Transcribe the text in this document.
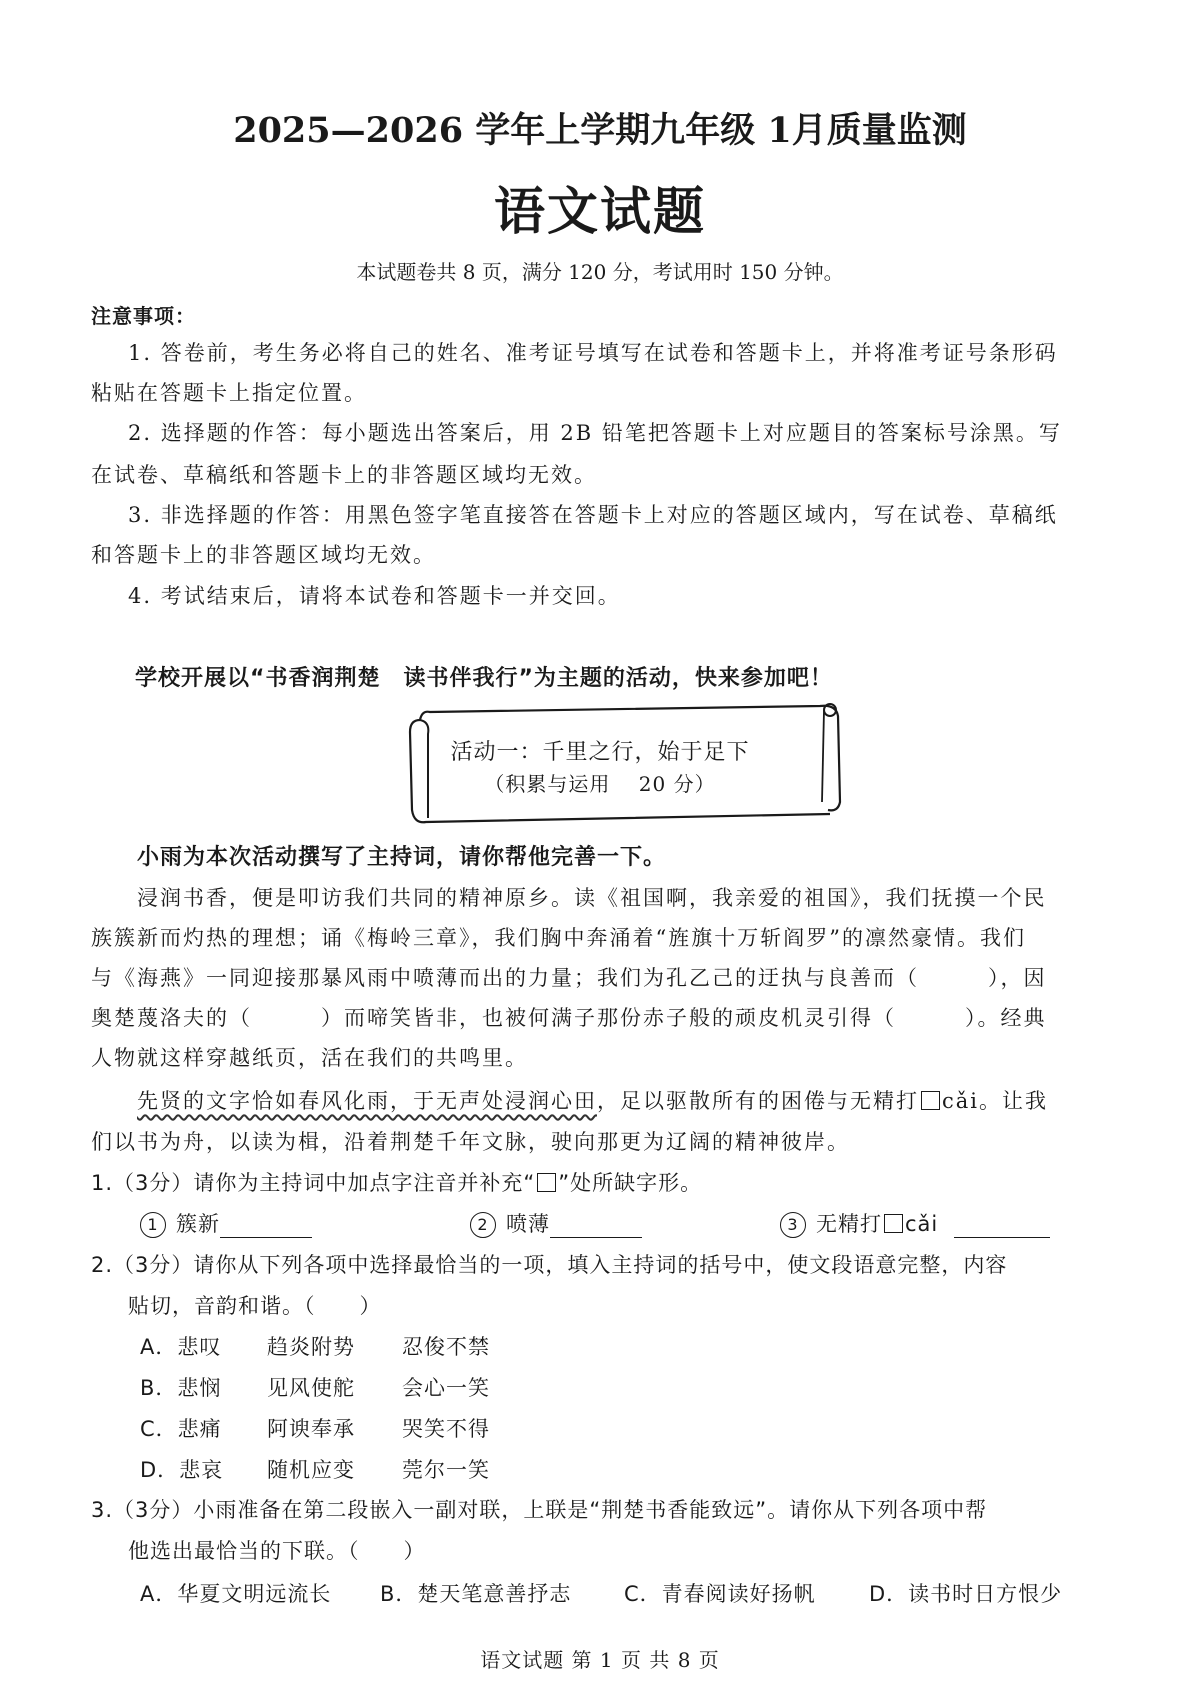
2025—2026 学年上学期九年级 1月质量监测
语文试题
本试题卷共 8 页，满分 120 分，考试用时 150 分钟。
注意事项：
1. 答卷前，考生务必将自己的姓名、准考证号填写在试卷和答题卡上，并将准考证号条形码
粘贴在答题卡上指定位置。
2. 选择题的作答：每小题选出答案后，用 2B 铅笔把答题卡上对应题目的答案标号涂黑。写
在试卷、草稿纸和答题卡上的非答题区域均无效。
3. 非选择题的作答：用黑色签字笔直接答在答题卡上对应的答题区域内，写在试卷、草稿纸
和答题卡上的非答题区域均无效。
4. 考试结束后，请将本试卷和答题卡一并交回。
学校开展以“书香润荆楚　读书伴我行”为主题的活动，快来参加吧！
活动一：千里之行，始于足下
（积累与运用　 20 分）
小雨为本次活动撰写了主持词，请你帮他完善一下。
浸润书香，便是叩访我们共同的精神原乡。读《祖国啊，我亲爱的祖国》，我们抚摸一个民
族簇新而灼热的理想；诵《梅岭三章》，我们胸中奔涌着“旌旗十万斩阎罗”的凛然豪情。我们
与《海燕》一同迎接那暴风雨中喷薄而出的力量；我们为孔乙己的迂执与良善而（　　　），因
奥楚蔑洛夫的（　　　）而啼笑皆非，也被何满子那份赤子般的顽皮机灵引得（　　　）。经典
人物就这样穿越纸页，活在我们的共鸣里。
先贤的文字恰如春风化雨，于无声处浸润心田，足以驱散所有的困倦与无精打 cǎi。让我
们以书为舟，以读为楫，沿着荆楚千年文脉，驶向那更为辽阔的精神彼岸。
1.（3分）请你为主持词中加点字注音并补充“ ”处所缺字形。
1 簇新	2 喷薄	3 无精打 cǎi
2.（3分）请你从下列各项中选择最恰当的一项，填入主持词的括号中，使文段语意完整，内容
贴切，音韵和谐。（　　）
A．悲叹 趋炎附势 忍俊不禁
B．悲悯 见风使舵 会心一笑
C．悲痛 阿谀奉承 哭笑不得
D．悲哀 随机应变 莞尔一笑
3.（3分）小雨准备在第二段嵌入一副对联，上联是“荆楚书香能致远”。请你从下列各项中帮
他选出最恰当的下联。（　　）
A．华夏文明远流长 B．楚天笔意善抒志	C．青春阅读好扬帆	D．读书时日方恨少
语文试题 第 1 页 共 8 页
